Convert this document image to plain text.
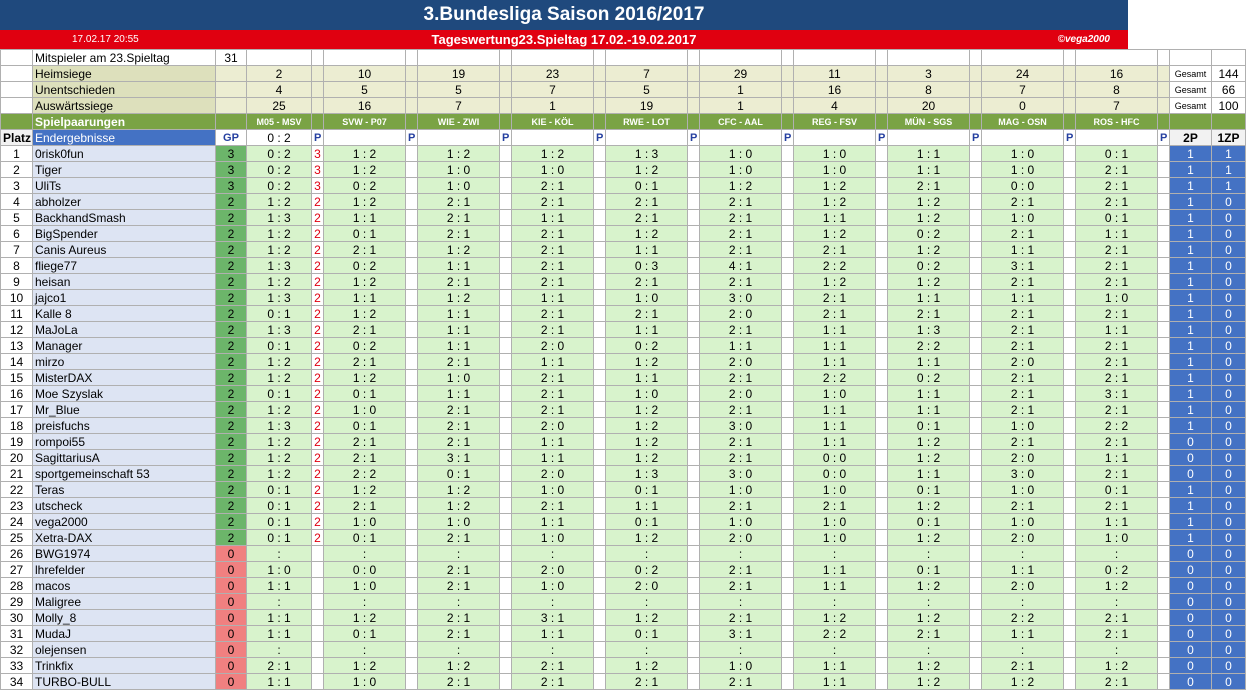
3.Bundesliga Saison 2016/2017
17.02.17 20:55	Tageswertung23.Spieltag 17.02.-19.02.2017	©vega2000
	Mitspieler am 23.Spieltag	31																						
	Heimsiege		2		10		19		23		7		29		11		3		24		16		Gesamt	144
	Unentschieden		4		5		5		7		5		1		16		8		7		8		Gesamt	66
	Auswärtssiege		25		16		7		1		19		1		4		20		0		7		Gesamt	100
	Spielpaarungen		M05 - MSV		SVW - P07		WIE - ZWI		KIE - KÖL		RWE - LOT		CFC - AAL		REG - FSV		MÜN - SGS		MAG - OSN		ROS - HFC			
Platz	Endergebnisse	GP	0 : 2	P		P		P		P		P		P		P		P		P		P	2P	1ZP
1	0risk0fun	3	0 : 2	3	1 : 2		1 : 2		1 : 2		1 : 3		1 : 0		1 : 0		1 : 1		1 : 0		0 : 1		1	1
2	Tiger	3	0 : 2	3	1 : 2		1 : 0		1 : 0		1 : 2		1 : 0		1 : 0		1 : 1		1 : 0		2 : 1		1	1
3	UliTs	3	0 : 2	3	0 : 2		1 : 0		2 : 1		0 : 1		1 : 2		1 : 2		2 : 1		0 : 0		2 : 1		1	1
4	abholzer	2	1 : 2	2	1 : 2		2 : 1		2 : 1		2 : 1		2 : 1		1 : 2		1 : 2		2 : 1		2 : 1		1	0
5	BackhandSmash	2	1 : 3	2	1 : 1		2 : 1		1 : 1		2 : 1		2 : 1		1 : 1		1 : 2		1 : 0		0 : 1		1	0
6	BigSpender	2	1 : 2	2	0 : 1		2 : 1		2 : 1		1 : 2		2 : 1		1 : 2		0 : 2		2 : 1		1 : 1		1	0
7	Canis Aureus	2	1 : 2	2	2 : 1		1 : 2		2 : 1		1 : 1		2 : 1		2 : 1		1 : 2		1 : 1		2 : 1		1	0
8	fliege77	2	1 : 3	2	0 : 2		1 : 1		2 : 1		0 : 3		4 : 1		2 : 2		0 : 2		3 : 1		2 : 1		1	0
9	heisan	2	1 : 2	2	1 : 2		2 : 1		2 : 1		2 : 1		2 : 1		1 : 2		1 : 2		2 : 1		2 : 1		1	0
10	jajco1	2	1 : 3	2	1 : 1		1 : 2		1 : 1		1 : 0		3 : 0		2 : 1		1 : 1		1 : 1		1 : 0		1	0
11	Kalle 8	2	0 : 1	2	1 : 2		1 : 1		2 : 1		2 : 1		2 : 0		2 : 1		2 : 1		2 : 1		2 : 1		1	0
12	MaJoLa	2	1 : 3	2	2 : 1		1 : 1		2 : 1		1 : 1		2 : 1		1 : 1		1 : 3		2 : 1		1 : 1		1	0
13	Manager	2	0 : 1	2	0 : 2		1 : 1		2 : 0		0 : 2		1 : 1		1 : 1		2 : 2		2 : 1		2 : 1		1	0
14	mirzo	2	1 : 2	2	2 : 1		2 : 1		1 : 1		1 : 2		2 : 0		1 : 1		1 : 1		2 : 0		2 : 1		1	0
15	MisterDAX	2	1 : 2	2	1 : 2		1 : 0		2 : 1		1 : 1		2 : 1		2 : 2		0 : 2		2 : 1		2 : 1		1	0
16	Moe Szyslak	2	0 : 1	2	0 : 1		1 : 1		2 : 1		1 : 0		2 : 0		1 : 0		1 : 1		2 : 1		3 : 1		1	0
17	Mr_Blue	2	1 : 2	2	1 : 0		2 : 1		2 : 1		1 : 2		2 : 1		1 : 1		1 : 1		2 : 1		2 : 1		1	0
18	preisfuchs	2	1 : 3	2	0 : 1		2 : 1		2 : 0		1 : 2		3 : 0		1 : 1		0 : 1		1 : 0		2 : 2		1	0
19	rompoi55	2	1 : 2	2	2 : 1		2 : 1		1 : 1		1 : 2		2 : 1		1 : 1		1 : 2		2 : 1		2 : 1		0	0
20	SagittariusA	2	1 : 2	2	2 : 1		3 : 1		1 : 1		1 : 2		2 : 1		0 : 0		1 : 2		2 : 0		1 : 1		0	0
21	sportgemeinschaft 53	2	1 : 2	2	2 : 2		0 : 1		2 : 0		1 : 3		3 : 0		0 : 0		1 : 1		3 : 0		2 : 1		0	0
22	Teras	2	0 : 1	2	1 : 2		1 : 2		1 : 0		0 : 1		1 : 0		1 : 0		0 : 1		1 : 0		0 : 1		1	0
23	utscheck	2	0 : 1	2	2 : 1		1 : 2		2 : 1		1 : 1		2 : 1		2 : 1		1 : 2		2 : 1		2 : 1		1	0
24	vega2000	2	0 : 1	2	1 : 0		1 : 0		1 : 1		0 : 1		1 : 0		1 : 0		0 : 1		1 : 0		1 : 1		1	0
25	Xetra-DAX	2	0 : 1	2	0 : 1		2 : 1		1 : 0		1 : 2		2 : 0		1 : 0		1 : 2		2 : 0		1 : 0		1	0
26	BWG1974	0	:		:		:		:		:		:		:		:		:		:		0	0
27	lhrefelder	0	1 : 0		0 : 0		2 : 1		2 : 0		0 : 2		2 : 1		1 : 1		0 : 1		1 : 1		0 : 2		0	0
28	macos	0	1 : 1		1 : 0		2 : 1		1 : 0		2 : 0		2 : 1		1 : 1		1 : 2		2 : 0		1 : 2		0	0
29	Maligree	0	:		:		:		:		:		:		:		:		:		:		0	0
30	Molly_8	0	1 : 1		1 : 2		2 : 1		3 : 1		1 : 2		2 : 1		1 : 2		1 : 2		2 : 2		2 : 1		0	0
31	MudaJ	0	1 : 1		0 : 1		2 : 1		1 : 1		0 : 1		3 : 1		2 : 2		2 : 1		1 : 1		2 : 1		0	0
32	olejensen	0	:		:		:		:		:		:		:		:		:		:		0	0
33	Trinkfix	0	2 : 1		1 : 2		1 : 2		2 : 1		1 : 2		1 : 0		1 : 1		1 : 2		2 : 1		1 : 2		0	0
34	TURBO-BULL	0	1 : 1		1 : 0		2 : 1		2 : 1		2 : 1		2 : 1		1 : 1		1 : 2		1 : 2		2 : 1		0	0
